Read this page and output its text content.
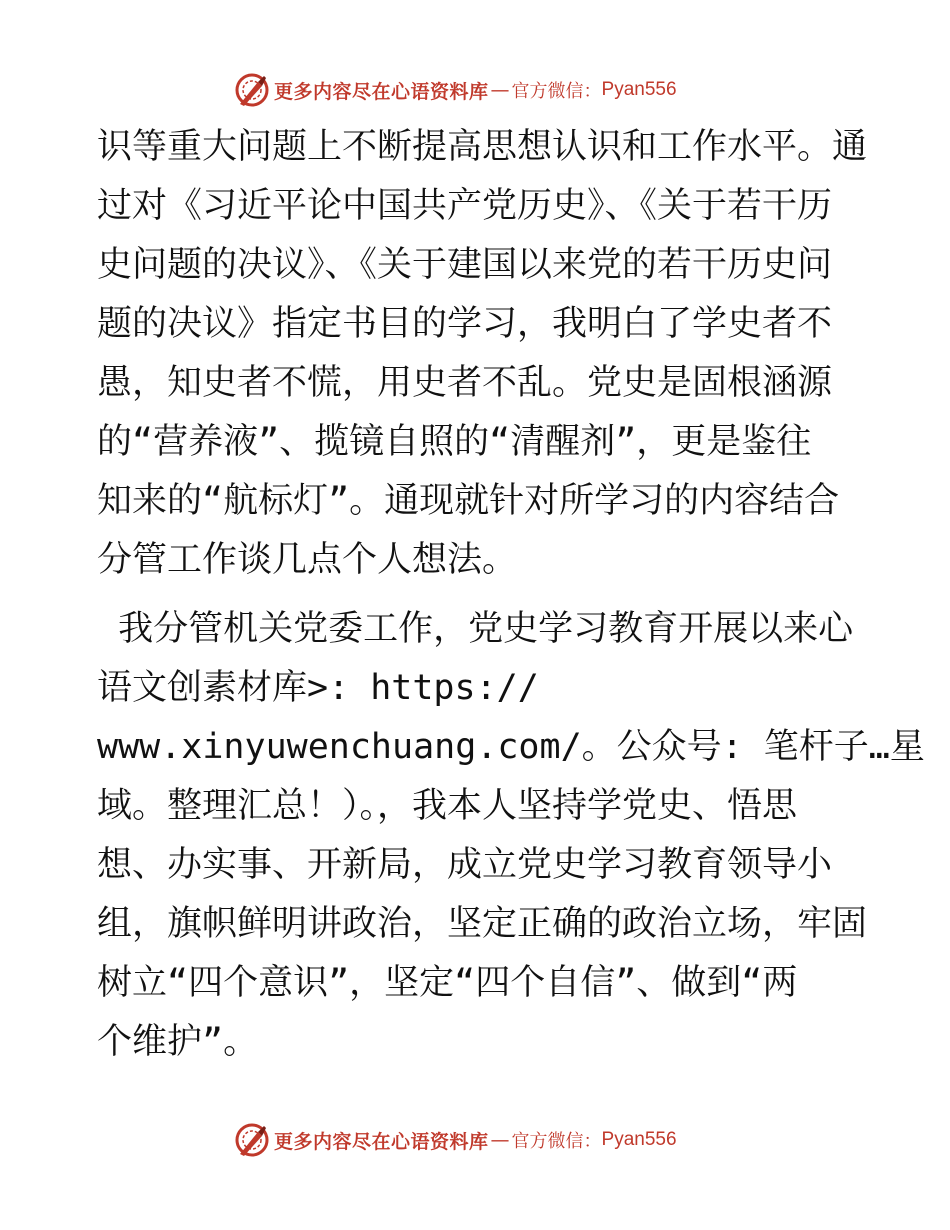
更多内容尽在心语资料库 — 官方微信： Pyan556

识等重大问题上不断提高思想认识和工作水平。通
过对《习近平论中国共产党历史》、《关于若干历
史问题的决议》、《关于建国以来党的若干历史问
题的决议》指定书目的学习，我明白了学史者不
愚，知史者不慌，用史者不乱。党史是固根涵源
的“营养液”、揽镜自照的“清醒剂”，更是鉴往
知来的“航标灯”。通现就针对所学习的内容结合
分管工作谈几点个人想法。

我分管机关党委工作，党史学习教育开展以来心
语文创素材库>: https://
www.xinyuwenchuang.com/。公众号: 笔杆子…星
域。整理汇总！）。，我本人坚持学党史、悟思
想、办实事、开新局，成立党史学习教育领导小
组，旗帜鲜明讲政治，坚定正确的政治立场，牢固
树立“四个意识”，坚定“四个自信”、做到“两
个维护”。

更多内容尽在心语资料库 — 官方微信： Pyan556
